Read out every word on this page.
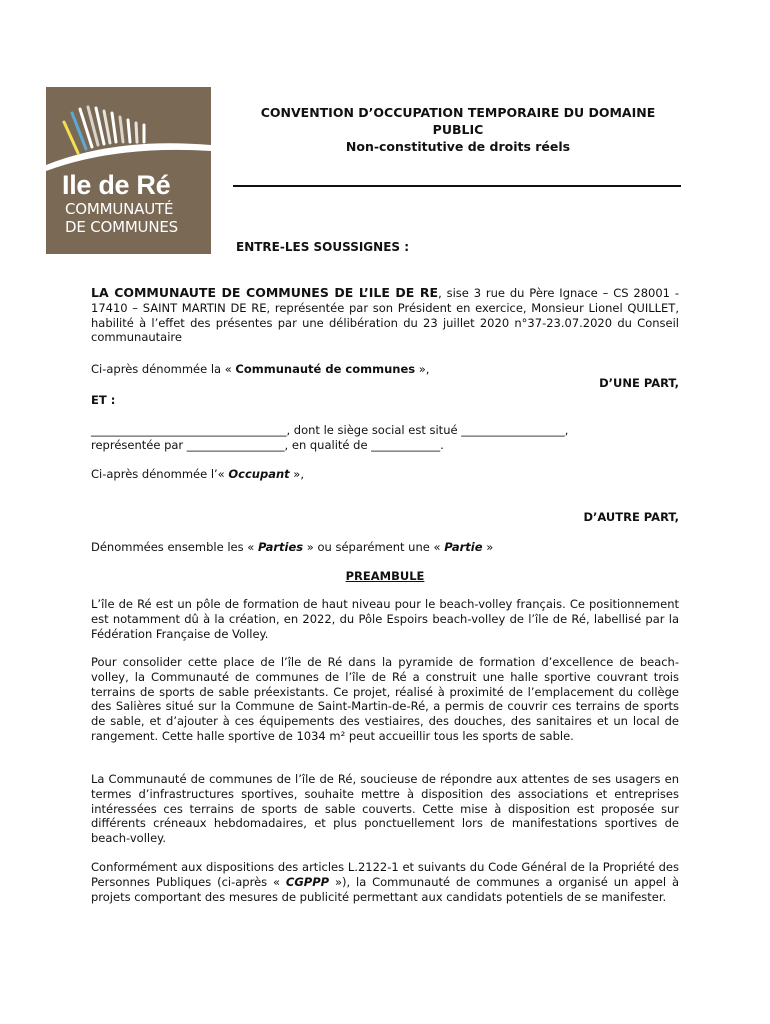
Ile de Ré
COMMUNAUTÉ
DE COMMUNES
CONVENTION D’OCCUPATION TEMPORAIRE DU DOMAINE
PUBLIC
Non-constitutive de droits réels
ENTRE-LES SOUSSIGNES :
LA COMMUNAUTE DE COMMUNES DE L’ILE DE RE, sise 3 rue du Père Ignace – CS 28001 - 17410 – SAINT MARTIN DE RE, représentée par son Président en exercice, Monsieur Lionel QUILLET, habilité à l’effet des présentes par une délibération du 23 juillet 2020 n°37-23.07.2020 du Conseil communautaire
Ci-après dénommée la « Communauté de communes »,
D’UNE PART,
ET :
__________________________________, dont le siège social est situé __________________,
représentée par _________________, en qualité de ____________.
Ci-après dénommée l’« Occupant »,
D’AUTRE PART,
Dénommées ensemble les « Parties » ou séparément une « Partie »
PREAMBULE
L’île de Ré est un pôle de formation de haut niveau pour le beach-volley français. Ce positionnement est notamment dû à la création, en 2022, du Pôle Espoirs beach-volley de l’île de Ré, labellisé par la Fédération Française de Volley.
Pour consolider cette place de l’île de Ré dans la pyramide de formation d’excellence de beach-volley, la Communauté de communes de l’île de Ré a construit une halle sportive couvrant trois terrains de sports de sable préexistants. Ce projet, réalisé à proximité de l’emplacement du collège des Salières situé sur la Commune de Saint-Martin-de-Ré, a permis de couvrir ces terrains de sports de sable, et d’ajouter à ces équipements des vestiaires, des douches, des sanitaires et un local de rangement. Cette halle sportive de 1034 m² peut accueillir tous les sports de sable.
La Communauté de communes de l’île de Ré, soucieuse de répondre aux attentes de ses usagers en termes d’infrastructures sportives, souhaite mettre à disposition des associations et entreprises intéressées ces terrains de sports de sable couverts. Cette mise à disposition est proposée sur différents créneaux hebdomadaires, et plus ponctuellement lors de manifestations sportives de beach-volley.
Conformément aux dispositions des articles L.2122-1 et suivants du Code Général de la Propriété des Personnes Publiques (ci-après « CGPPP »), la Communauté de communes a organisé un appel à projets comportant des mesures de publicité permettant aux candidats potentiels de se manifester.
